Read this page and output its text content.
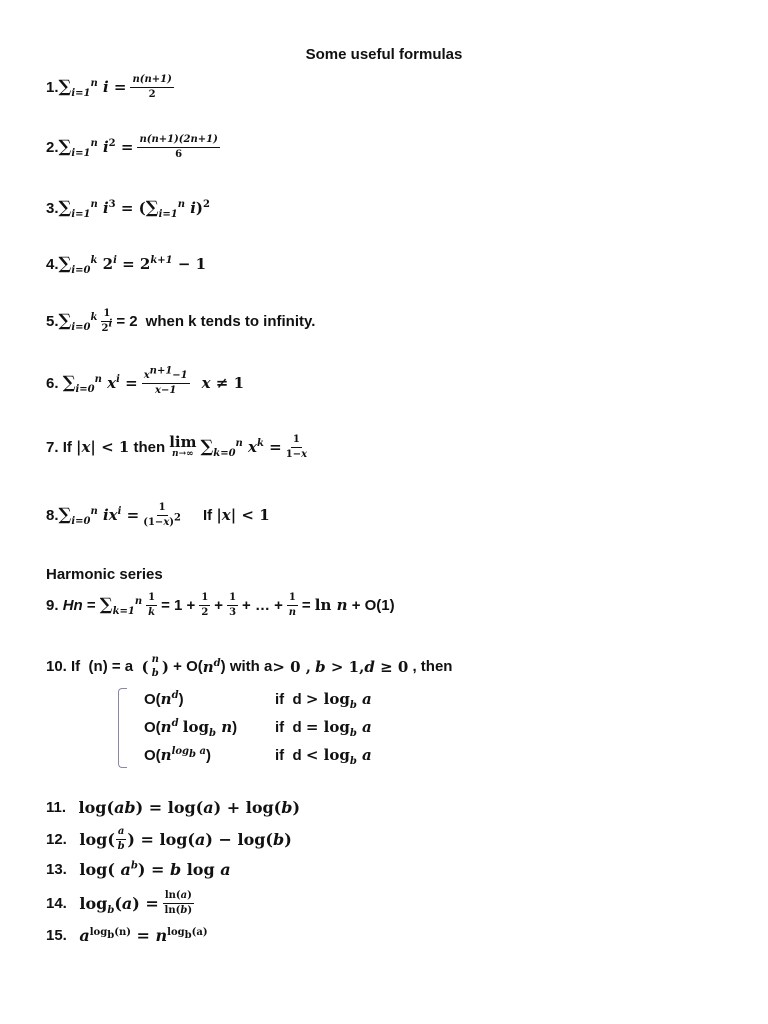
Some useful formulas
1. ∑ $_{i=1}^n$ $i = \frac{n(n+1)}{2}$
2. ∑ $_{i=1}^n$ i $^2 = \frac{n(n+1)(2n+1)}{6}$
3. ∑ $_{i=1}^n$ i $^3$ = ( ∑ $_{i=1}^n$ i )$^2$
4. ∑ $_{i=0}^k$ 2 $^i$ = 2 $^{k+1}$ − 1
5. ∑ $_{i=0}^k \frac{1}{2^i} = 2$ when k tends to infinity.
6.
∑ $_{i=0}^n$ $x^i = \frac{x^{n+1}-1}{x-1}$ x ≠ 1
7.
If
|x| < 1
then lim
n→∞ ∑ $_{k=0}^n$ $x^k = \frac{1}{1-x}$
8. ∑ $_{i=0}^n$ $ix^i = \frac{1}{(1-x)^2}$ If
|x| < 1
Harmonic series
9.
Hn = ∑ $_{k=1}^n \frac{1}{k} = 1 + \frac{1}{2} + \frac{1}{3}$ + … + $\frac{1}{n} = \ln n + O(1)$
10. If
(n) = a
( n
b ) + O( $n^d$ )
with a > 0 ,
b > 1, d ≥ 0
, then
$O(n^d)$	if  $d > \log_b a$
$O(n^d$ $\log_b n$)	if  $d = \log_b a$
$O(n^{log_b a})$	if  $d < \log_b a$
11.
log(ab) = log(a) + log(b)
12.
$\log( \frac{a}{b}$ ) = log(a) − log(b)
13.
log( $a^b) = b$ log a
14.
$\log_b(a) = \frac{\ln(a)}{\ln(b)}$
15.
$a^{log_b(n)} = n^{log_b(a)}$
